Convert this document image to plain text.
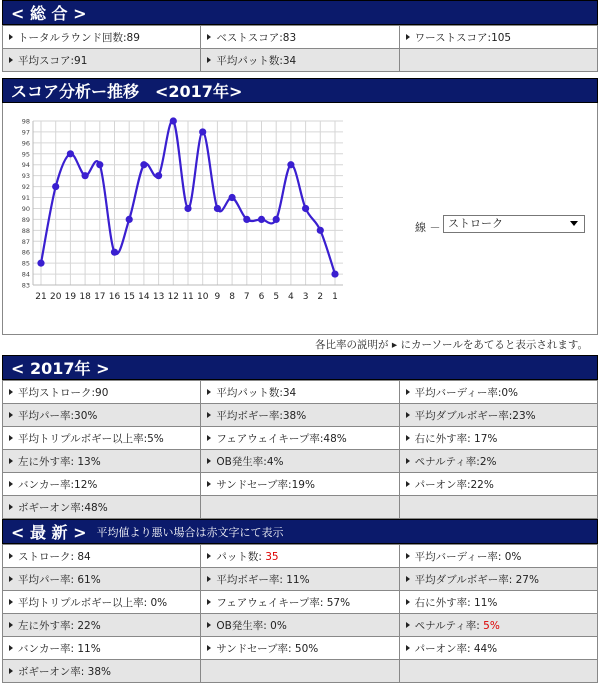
< 総 合 >
トータルラウンド回数:89	ベストスコア:83	ワーストスコア:105
平均スコア:91	平均パット数:34	
スコア分析ー推移　<2017年>
98
97
96
95
94
93
92
91
90
89
88
87
86
85
84
83
21 20 19 18 17 16 15 14 13 12 11 10 9 8 7 6 5 4 3 2 1
線 － ストローク
各比率の説明が ▸ にカーソールをあてると表示されます。
< 2017年 >
平均ストローク:90	平均パット数:34	平均バーディー率:0%
平均パー率:30%	平均ボギー率:38%	平均ダブルボギー率:23%
平均トリプルボギー以上率:5%	フェアウェイキープ率:48%	右に外す率: 17%
左に外す率: 13%	OB発生率:4%	ペナルティ率:2%
バンカー率:12%	サンドセーブ率:19%	パーオン率:22%
ボギーオン率:48%		
< 最 新 > 平均値より悪い場合は赤文字にて表示
ストローク: 84	パット数: 35	平均バーディー率: 0%
平均パー率: 61%	平均ボギー率: 11%	平均ダブルボギー率: 27%
平均トリプルボギー以上率: 0%	フェアウェイキープ率: 57%	右に外す率: 11%
左に外す率: 22%	OB発生率: 0%	ペナルティ率: 5%
バンカー率: 11%	サンドセーブ率: 50%	パーオン率: 44%
ボギーオン率: 38%		
